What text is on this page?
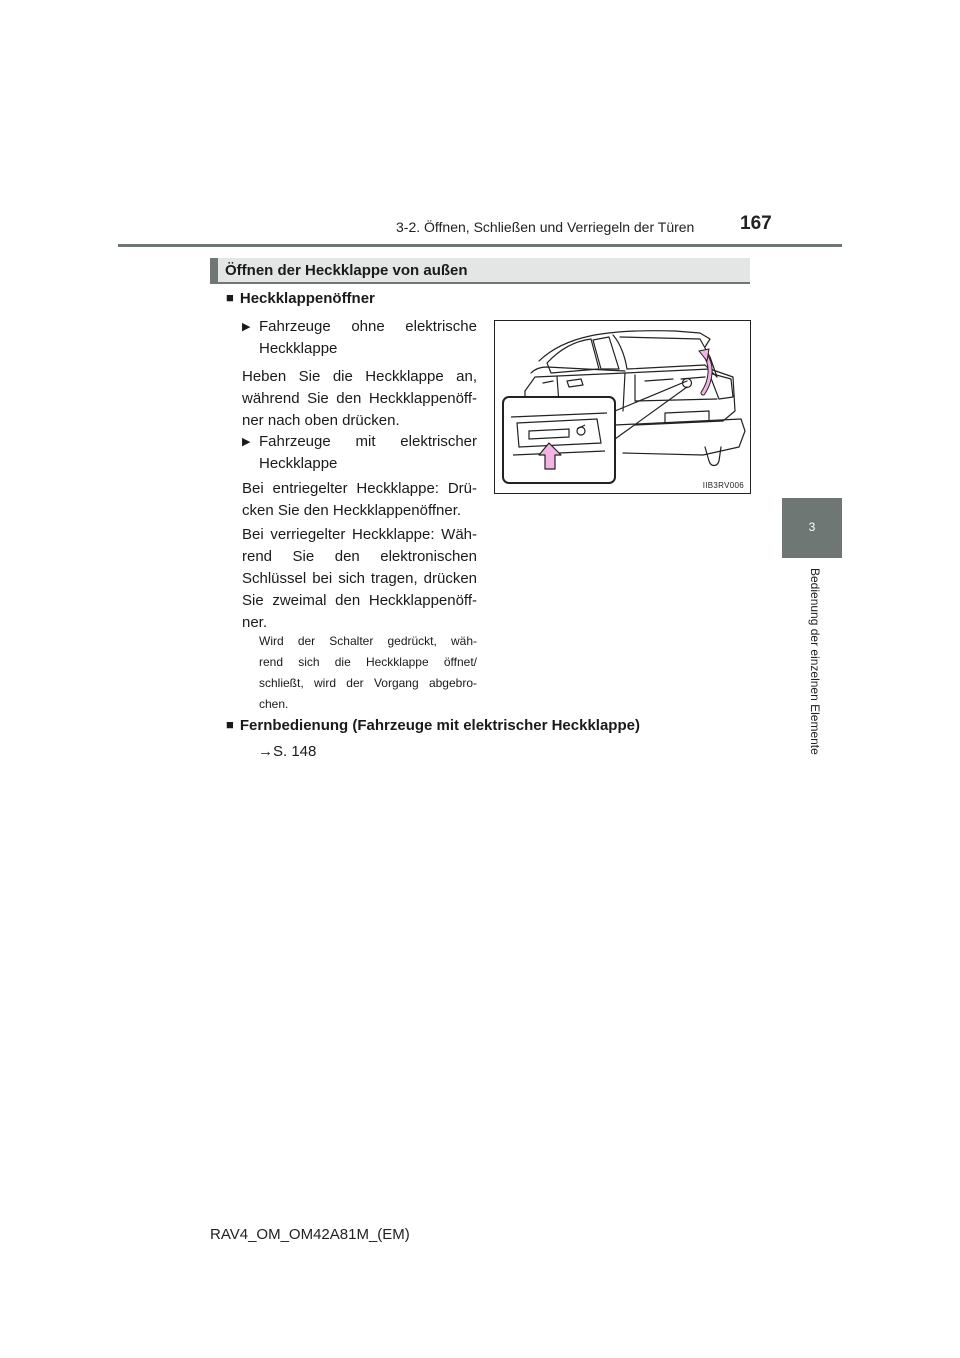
3-2. Öffnen, Schließen und Verriegeln der Türen 167
3
Bedienung der einzelnen Elemente
Öffnen der Heckklappe von außen
■ Heckklappenöffner
▶ Fahrzeuge ohne elektrische
Heckklappe
Heben Sie die Heckklappe an,
während Sie den Heckklappenöff-
ner nach oben drücken.
▶ Fahrzeuge mit elektrischer
Heckklappe
Bei entriegelter Heckklappe: Drü-
cken Sie den Heckklappenöffner.
Bei verriegelter Heckklappe: Wäh-
rend Sie den elektronischen
Schlüssel bei sich tragen, drücken
Sie zweimal den Heckklappenöff-
ner.
Wird der Schalter gedrückt, wäh-
rend sich die Heckklappe öffnet/
schließt, wird der Vorgang abgebro-
chen.
■ Fernbedienung (Fahrzeuge mit elektrischer Heckklappe)
→S. 148
IIB3RV006
RAV4_OM_OM42A81M_(EM)
